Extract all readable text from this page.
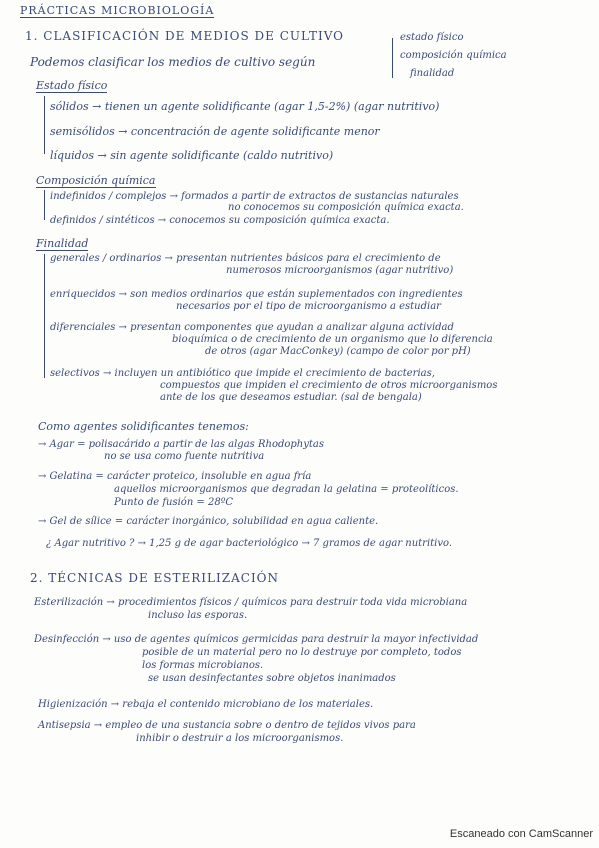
PRÁCTICAS MICROBIOLOGÍA
1. CLASIFICACIÓN DE MEDIOS DE CULTIVO
Podemos clasificar los medios de cultivo según
estado físico
composición química
finalidad
Estado físico
sólidos → tienen un agente solidificante (agar 1,5-2%) (agar nutritivo)
semisólidos → concentración de agente solidificante menor
líquidos → sin agente solidificante (caldo nutritivo)
Composición química
indefinidos / complejos → formados a partir de extractos de sustancias naturales
no conocemos su composición química exacta.
definidos / sintéticos → conocemos su composición química exacta.
Finalidad
generales / ordinarios → presentan nutrientes básicos para el crecimiento de
numerosos microorganismos (agar nutritivo)
enriquecidos → son medios ordinarios que están suplementados con ingredientes
necesarios por el tipo de microorganismo a estudiar
diferenciales → presentan componentes que ayudan a analizar alguna actividad
bioquímica o de crecimiento de un organismo que lo diferencia
de otros (agar MacConkey) (campo de color por pH)
selectivos → incluyen un antibiótico que impide el crecimiento de bacterias,
compuestos que impiden el crecimiento de otros microorganismos
ante de los que deseamos estudiar. (sal de bengala)
Como agentes solidificantes tenemos:
→ Agar = polisacárido a partir de las algas Rhodophytas
no se usa como fuente nutritiva
→ Gelatina = carácter proteico, insoluble en agua fría
aquellos microorganismos que degradan la gelatina = proteolíticos.
Punto de fusión = 28ºC
→ Gel de sílice = carácter inorgánico, solubilidad en agua caliente.
¿ Agar nutritivo ? → 1,25 g de agar bacteriológico → 7 gramos de agar nutritivo.
2. TÉCNICAS DE ESTERILIZACIÓN
Esterilización → procedimientos físicos / químicos para destruir toda vida microbiana
incluso las esporas.
Desinfección → uso de agentes químicos germicidas para destruir la mayor infectividad
posible de un material pero no lo destruye por completo, todos
los formas microbianos.
se usan desinfectantes sobre objetos inanimados
Higienización → rebaja el contenido microbiano de los materiales.
Antisepsia → empleo de una sustancia sobre o dentro de tejidos vivos para
inhibir o destruir a los microorganismos.
Escaneado con CamScanner
